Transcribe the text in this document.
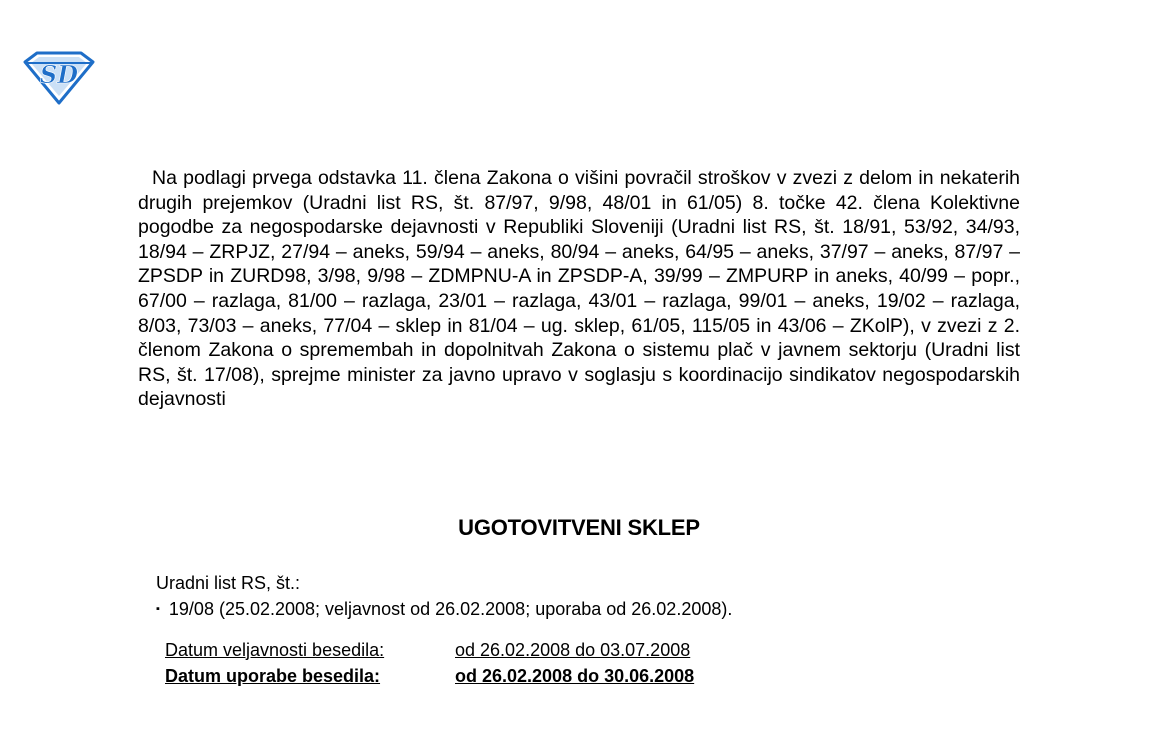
SD

Na podlagi prvega odstavka 11. člena Zakona o višini povračil stroškov v zvezi z delom in nekaterih drugih prejemkov (Uradni list RS, št. 87/97, 9/98, 48/01 in 61/05) 8. točke 42. člena Kolektivne pogodbe za negospodarske dejavnosti v Republiki Sloveniji (Uradni list RS, št. 18/91, 53/92, 34/93, 18/94 – ZRPJZ, 27/94 – aneks, 59/94 – aneks, 80/94 – aneks, 64/95 – aneks, 37/97 – aneks, 87/97 – ZPSDP in ZURD98, 3/98, 9/98 – ZDMPNU-A in ZPSDP-A, 39/99 – ZMPURP in aneks, 40/99 – popr., 67/00 – razlaga, 81/00 – razlaga, 23/01 – razlaga, 43/01 – razlaga, 99/01 – aneks, 19/02 – razlaga, 8/03, 73/03 – aneks, 77/04 – sklep in 81/04 – ug. sklep, 61/05, 115/05 in 43/06 – ZKolP), v zvezi z 2. členom Zakona o spremembah in dopolnitvah Zakona o sistemu plač v javnem sektorju (Uradni list RS, št. 17/08), sprejme minister za javno upravo v soglasju s koordinacijo sindikatov negospodarskih dejavnosti

UGOTOVITVENI SKLEP

Uradni list RS, št.:

▪ 19/08 (25.02.2008; veljavnost od 26.02.2008; uporaba od 26.02.2008).

Datum veljavnosti besedila:	od 26.02.2008 do 03.07.2008
Datum uporabe besedila:	od 26.02.2008 do 30.06.2008
